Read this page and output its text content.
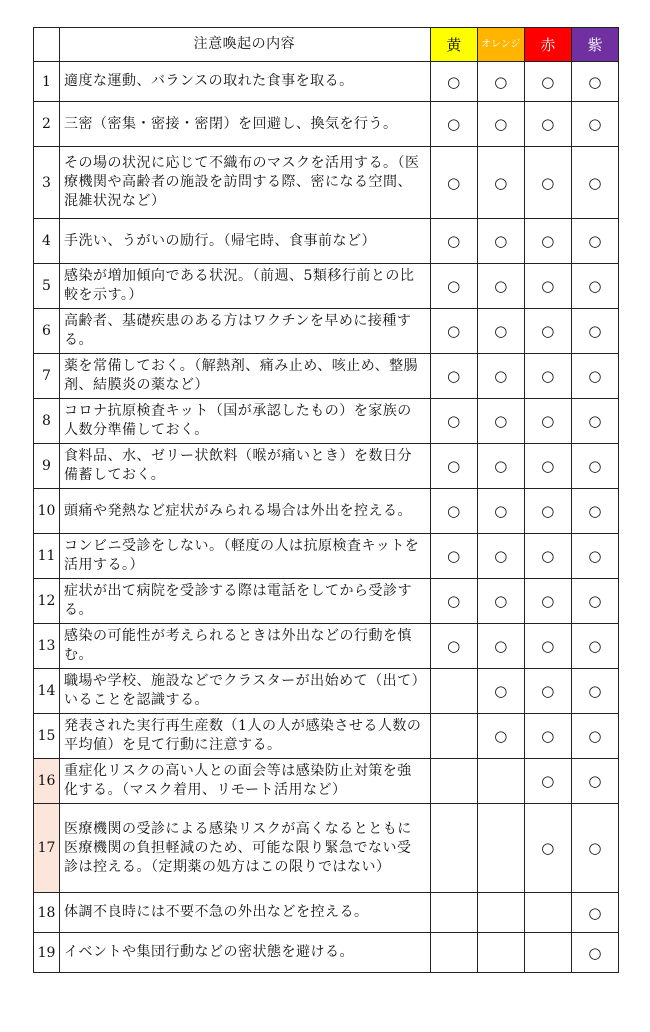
	注意喚起の内容	黄	オレンジ	赤	紫
1	適度な運動、バランスの取れた食事を取る。	○	○	○	○
2	三密（密集・密接・密閉）を回避し、換気を行う。	○	○	○	○
3	その場の状況に応じて不織布のマスクを活用する。（医療機関や高齢者の施設を訪問する際、密になる空間、混雑状況など）	○	○	○	○
4	手洗い、うがいの励行。（帰宅時、食事前など）	○	○	○	○
5	感染が増加傾向である状況。（前週、5類移行前との比較を示す。）	○	○	○	○
6	高齢者、基礎疾患のある方はワクチンを早めに接種する。	○	○	○	○
7	薬を常備しておく。（解熱剤、痛み止め、咳止め、整腸剤、結膜炎の薬など）	○	○	○	○
8	コロナ抗原検査キット（国が承認したもの）を家族の人数分準備しておく。	○	○	○	○
9	食料品、水、ゼリー状飲料（喉が痛いとき）を数日分備蓄しておく。	○	○	○	○
10	頭痛や発熱など症状がみられる場合は外出を控える。	○	○	○	○
11	コンビニ受診をしない。（軽度の人は抗原検査キットを活用する。）	○	○	○	○
12	症状が出て病院を受診する際は電話をしてから受診する。	○	○	○	○
13	感染の可能性が考えられるときは外出などの行動を慎む。	○	○	○	○
14	職場や学校、施設などでクラスターが出始めて（出て）いることを認識する。		○	○	○
15	発表された実行再生産数（1人の人が感染させる人数の平均値）を見て行動に注意する。		○	○	○
16	重症化リスクの高い人との面会等は感染防止対策を強化する。（マスク着用、リモート活用など）			○	○
17	医療機関の受診による感染リスクが高くなるとともに医療機関の負担軽減のため、可能な限り緊急でない受診は控える。（定期薬の処方はこの限りではない）			○	○
18	体調不良時には不要不急の外出などを控える。				○
19	イベントや集団行動などの密状態を避ける。				○
